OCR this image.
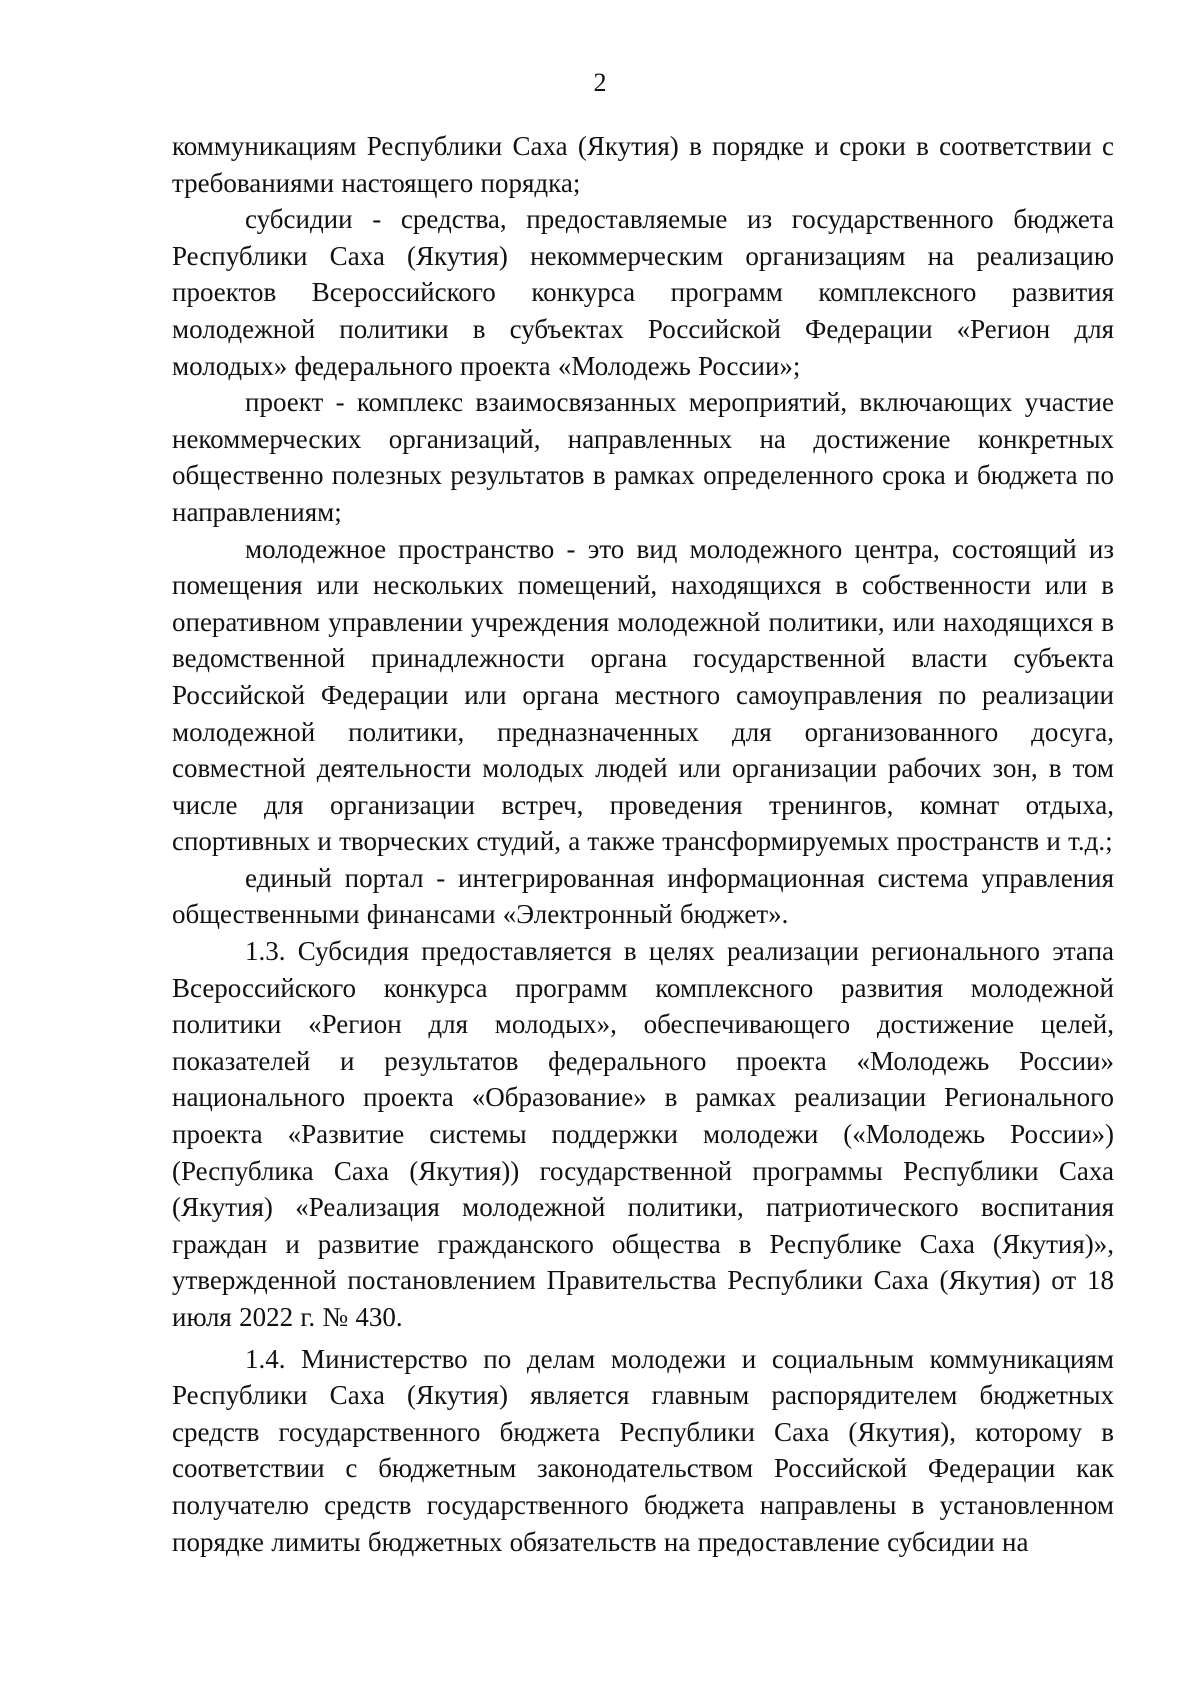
2

коммуникациям Республики Саха (Якутия) в порядке и сроки в соответствии с требованиями настоящего порядка;

субсидии - средства, предоставляемые из государственного бюджета Республики Саха (Якутия) некоммерческим организациям на реализацию проектов Всероссийского конкурса программ комплексного развития молодежной политики в субъектах Российской Федерации «Регион для молодых» федерального проекта «Молодежь России»;

проект - комплекс взаимосвязанных мероприятий, включающих участие некоммерческих организаций, направленных на достижение конкретных общественно полезных результатов в рамках определенного срока и бюджета по направлениям;

молодежное пространство - это вид молодежного центра, состоящий из помещения или нескольких помещений, находящихся в собственности или в оперативном управлении учреждения молодежной политики, или находящихся в ведомственной принадлежности органа государственной власти субъекта Российской Федерации или органа местного самоуправления по реализации молодежной политики, предназначенных для организованного досуга, совместной деятельности молодых людей или организации рабочих зон, в том числе для организации встреч, проведения тренингов, комнат отдыха, спортивных и творческих студий, а также трансформируемых пространств и т.д.;

единый портал - интегрированная информационная система управления общественными финансами «Электронный бюджет».

1.3. Субсидия предоставляется в целях реализации регионального этапа Всероссийского конкурса программ комплексного развития молодежной политики «Регион для молодых», обеспечивающего достижение целей, показателей и результатов федерального проекта «Молодежь России» национального проекта «Образование» в рамках реализации Регионального проекта «Развитие системы поддержки молодежи («Молодежь России») (Республика Саха (Якутия)) государственной программы Республики Саха (Якутия) «Реализация молодежной политики, патриотического воспитания граждан и развитие гражданского общества в Республике Саха (Якутия)», утвержденной постановлением Правительства Республики Саха (Якутия) от 18 июля 2022 г. № 430.

1.4. Министерство по делам молодежи и социальным коммуникациям Республики Саха (Якутия) является главным распорядителем бюджетных средств государственного бюджета Республики Саха (Якутия), которому в соответствии с бюджетным законодательством Российской Федерации как получателю средств государственного бюджета направлены в установленном порядке лимиты бюджетных обязательств на предоставление субсидии на
